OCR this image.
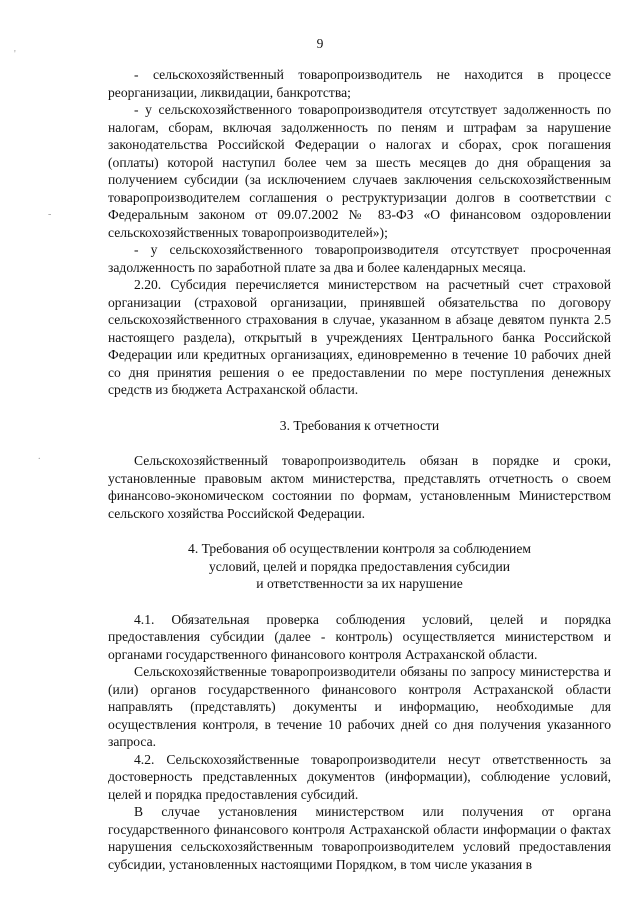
9
'
-
.

- сельскохозяйственный товаропроизводитель не находится в процессе реорганизации, ликвидации, банкротства;

- у сельскохозяйственного товаропроизводителя отсутствует задолженность по налогам, сборам, включая задолженность по пеням и штрафам за нарушение законодательства Российской Федерации о налогах и сборах, срок погашения (оплаты) которой наступил более чем за шесть месяцев до дня обращения за получением субсидии (за исключением случаев заключения сельскохозяйственным товаропроизводителем соглашения о реструктуризации долгов в соответствии с Федеральным законом от 09.07.2002 № 83-ФЗ «О финансовом оздоровлении сельскохозяйственных товаропроизводителей»);

- у сельскохозяйственного товаропроизводителя отсутствует просроченная задолженность по заработной плате за два и более календарных месяца.

2.20. Субсидия перечисляется министерством на расчетный счет страховой организации (страховой организации, принявшей обязательства по договору сельскохозяйственного страхования в случае, указанном в абзаце девятом пункта 2.5 настоящего раздела), открытый в учреждениях Центрального банка Российской Федерации или кредитных организациях, единовременно в течение 10 рабочих дней со дня принятия решения о ее предоставлении по мере поступления денежных средств из бюджета Астраханской области.

3. Требования к отчетности

Сельскохозяйственный товаропроизводитель обязан в порядке и сроки, установленные правовым актом министерства, представлять отчетность о своем финансово-экономическом состоянии по формам, установленным Министерством сельского хозяйства Российской Федерации.

4. Требования об осуществлении контроля за соблюдением

условий, целей и порядка предоставления субсидии

и ответственности за их нарушение

4.1. Обязательная проверка соблюдения условий, целей и порядка предоставления субсидии (далее - контроль) осуществляется министерством и органами государственного финансового контроля Астраханской области.

Сельскохозяйственные товаропроизводители обязаны по запросу министерства и (или) органов государственного финансового контроля Астраханской области направлять (представлять) документы и информацию, необходимые для осуществления контроля, в течение 10 рабочих дней со дня получения указанного запроса.

4.2. Сельскохозяйственные товаропроизводители несут ответственность за достоверность представленных документов (информации), соблюдение условий, целей и порядка предоставления субсидий.

В случае установления министерством или получения от органа государственного финансового контроля Астраханской области информации о фактах нарушения сельскохозяйственным товаропроизводителем условий предоставления субсидии, установленных настоящими Порядком, в том числе указания в
